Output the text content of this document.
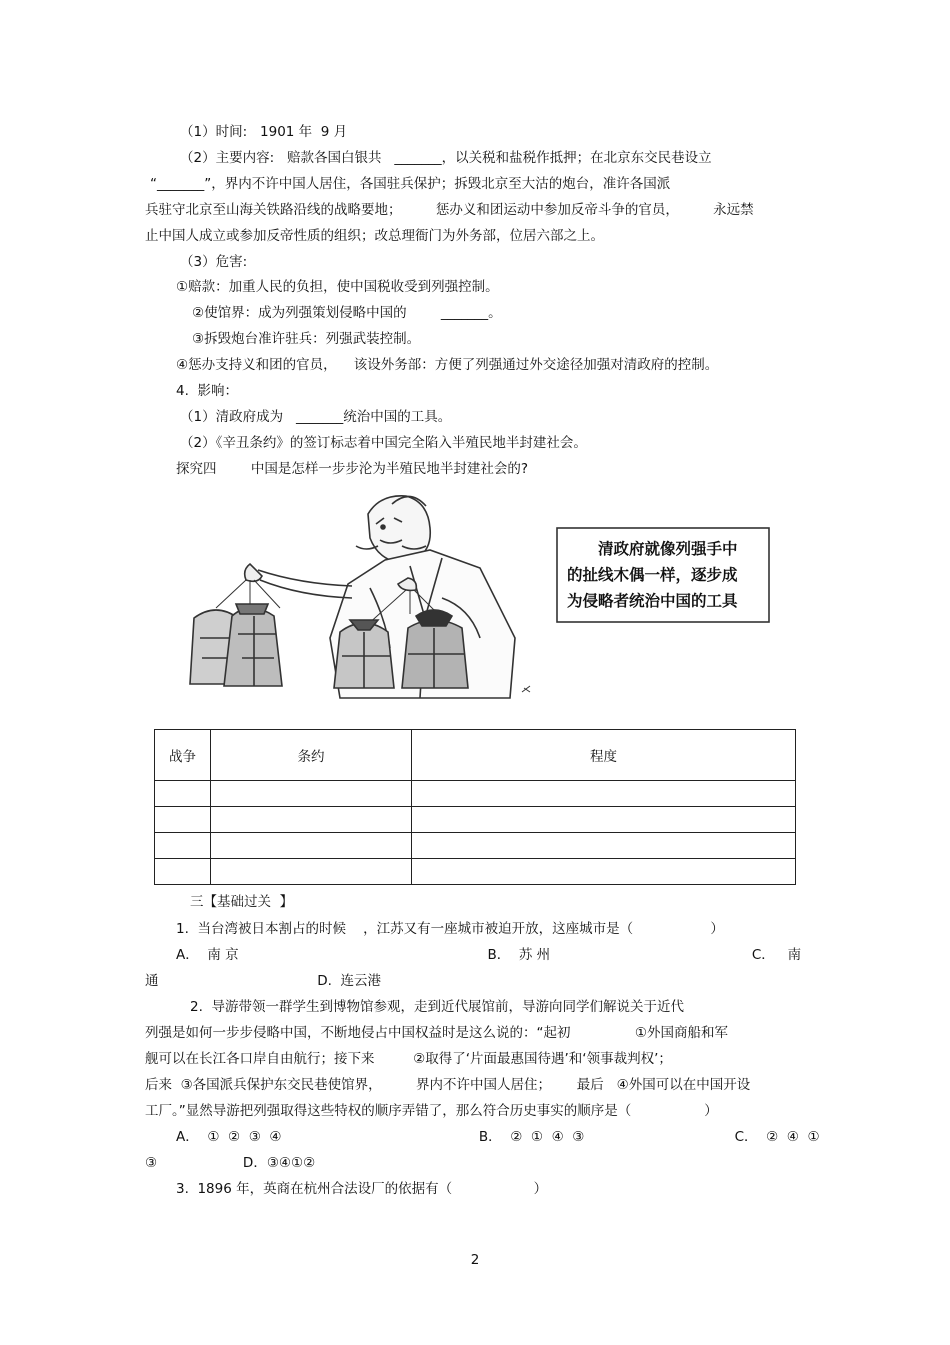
（1）时间:   1901 年  9 月
（2）主要内容:   赔款各国白银共   _______，以关税和盐税作抵押；在北京东交民巷设立
“_______”，界内不许中国人居住，各国驻兵保护；拆毁北京至大沽的炮台，准许各国派
兵驻守北京至山海关铁路沿线的战略要地；        惩办义和团运动中参加反帝斗争的官员，        永远禁
止中国人成立或参加反帝性质的组织；改总理衙门为外务部，位居六部之上。
（3）危害:
①赔款：加重人民的负担，使中国税收受到列强控制。
②使馆界：成为列强策划侵略中国的        _______。
③拆毁炮台准许驻兵：列强武装控制。
④惩办支持义和团的官员，    该设外务部：方便了列强通过外交途径加强对清政府的控制。
4.  影响：
（1）清政府成为   _______统治中国的工具。
（2）《辛丑条约》的签订标志着中国完全陷入半殖民地半封建社会。
探究四        中国是怎样一步步沦为半殖民地半封建社会的?
清政府就像列强手中
的扯线木偶一样，逐步成
为侵略者统治中国的工具
战争	条约	程度

三【基础过关  】
1.  当台湾被日本割占的时候    ，江苏又有一座城市被迫开放，这座城市是（                  ）
A．  南 京                                                          B．  苏 州                                               C．   南
通                                     D.  连云港
2.  导游带领一群学生到博物馆参观，走到近代展馆前，导游向同学们解说关于近代
列强是如何一步步侵略中国，不断地侵占中国权益时是这么说的：“起初               ①外国商船和军
舰可以在长江各口岸自由航行；接下来         ②取得了‘片面最惠国待遇’和‘领事裁判权’；
后来  ③各国派兵保护东交民巷使馆界，        界内不许中国人居住；      最后   ④外国可以在中国开设
工厂。”显然导游把列强取得这些特权的顺序弄错了，那么符合历史事实的顺序是（                 ）
A．  ①  ②  ③  ④                                              B．  ②  ①  ④  ③                                   C．  ②  ④  ①
③                    D．③④①②
3.  1896 年，英商在杭州合法设厂的依据有（                   ）
2
